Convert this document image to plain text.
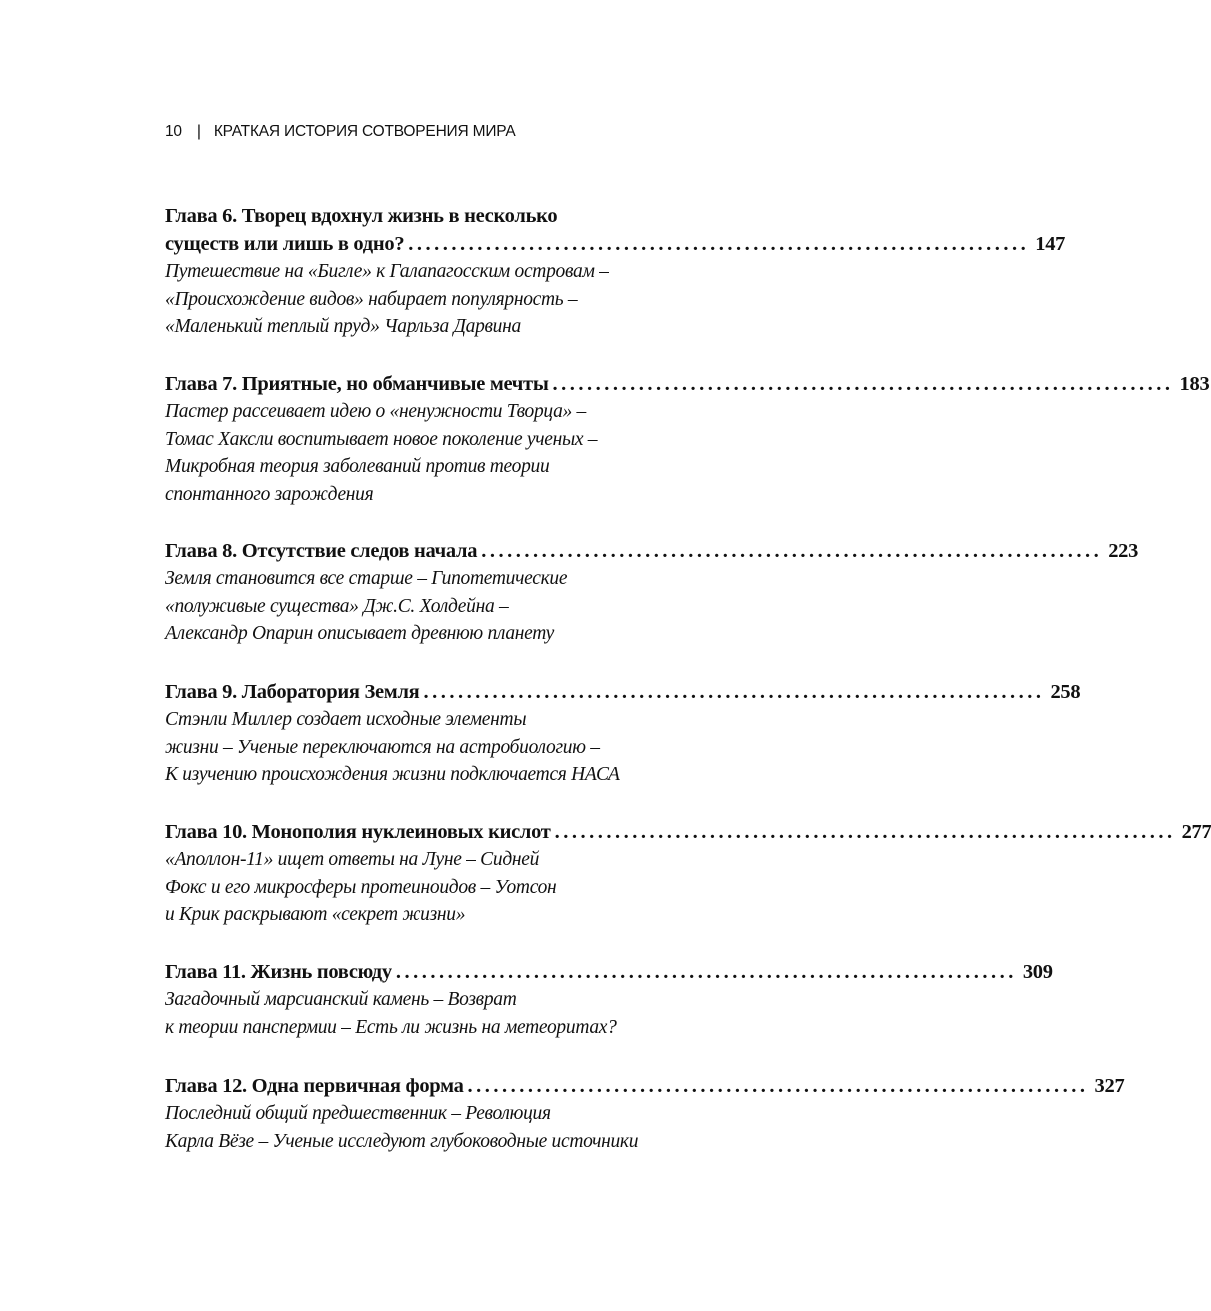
10 | КРАТКАЯ ИСТОРИЯ СОТВОРЕНИЯ МИРА
Глава 6. Творец вдохнул жизнь в несколько
существ или лишь в одно? ........................................................................ 147
Путешествие на «Бигле» к Галапагосским островам –
«Происхождение видов» набирает популярность –
«Маленький теплый пруд» Чарльза Дарвина
Глава 7. Приятные, но обманчивые мечты ........................................................................ 183
Пастер рассеивает идею о «ненужности Творца» –
Томас Хаксли воспитывает новое поколение ученых –
Микробная теория заболеваний против теории
спонтанного зарождения
Глава 8. Отсутствие следов начала ........................................................................ 223
Земля становится все старше – Гипотетические
«полуживые существа» Дж.С. Холдейна –
Александр Опарин описывает древнюю планету
Глава 9. Лаборатория Земля ........................................................................ 258
Стэнли Миллер создает исходные элементы
жизни – Ученые переключаются на астробиологию –
К изучению происхождения жизни подключается НАСА
Глава 10. Монополия нуклеиновых кислот ........................................................................ 277
«Аполлон-11» ищет ответы на Луне – Сидней
Фокс и его микросферы протеиноидов – Уотсон
и Крик раскрывают «секрет жизни»
Глава 11. Жизнь повсюду ........................................................................ 309
Загадочный марсианский камень – Возврат
к теории панспермии – Есть ли жизнь на метеоритах?
Глава 12. Одна первичная форма ........................................................................ 327
Последний общий предшественник – Революция
Карла Вёзе – Ученые исследуют глубоководные источники
